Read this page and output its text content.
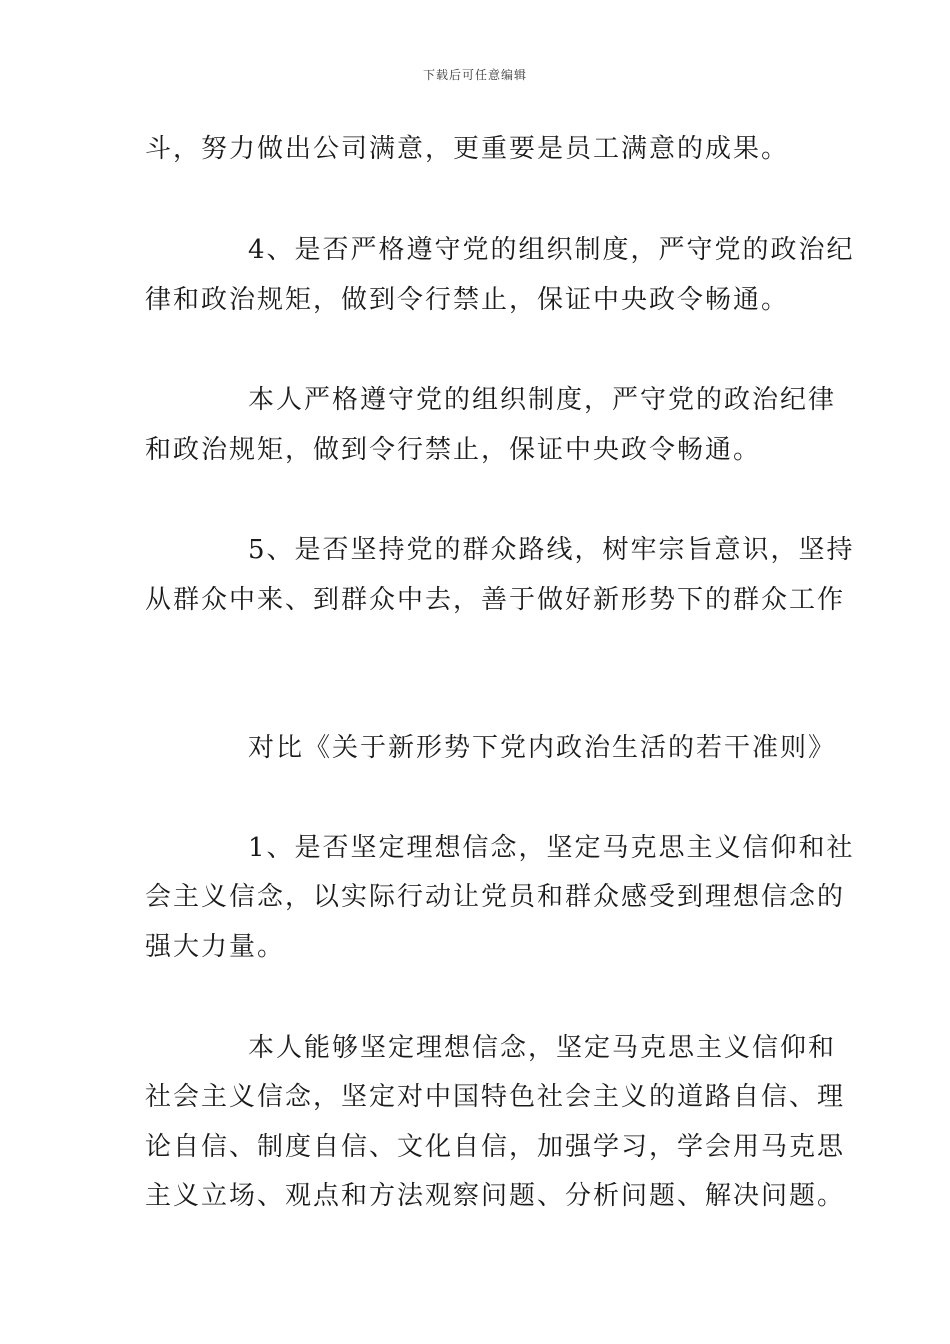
下载后可任意编辑
斗，努力做出公司满意，更重要是员工满意的成果。
4、是否严格遵守党的组织制度，严守党的政治纪
律和政治规矩，做到令行禁止，保证中央政令畅通。
本人严格遵守党的组织制度，严守党的政治纪律
和政治规矩，做到令行禁止，保证中央政令畅通。
5、是否坚持党的群众路线，树牢宗旨意识，坚持
从群众中来、到群众中去，善于做好新形势下的群众工作
对比《关于新形势下党内政治生活的若干准则》
1、是否坚定理想信念，坚定马克思主义信仰和社
会主义信念，以实际行动让党员和群众感受到理想信念的
强大力量。
本人能够坚定理想信念，坚定马克思主义信仰和
社会主义信念，坚定对中国特色社会主义的道路自信、理
论自信、制度自信、文化自信，加强学习，学会用马克思
主义立场、观点和方法观察问题、分析问题、解决问题。
